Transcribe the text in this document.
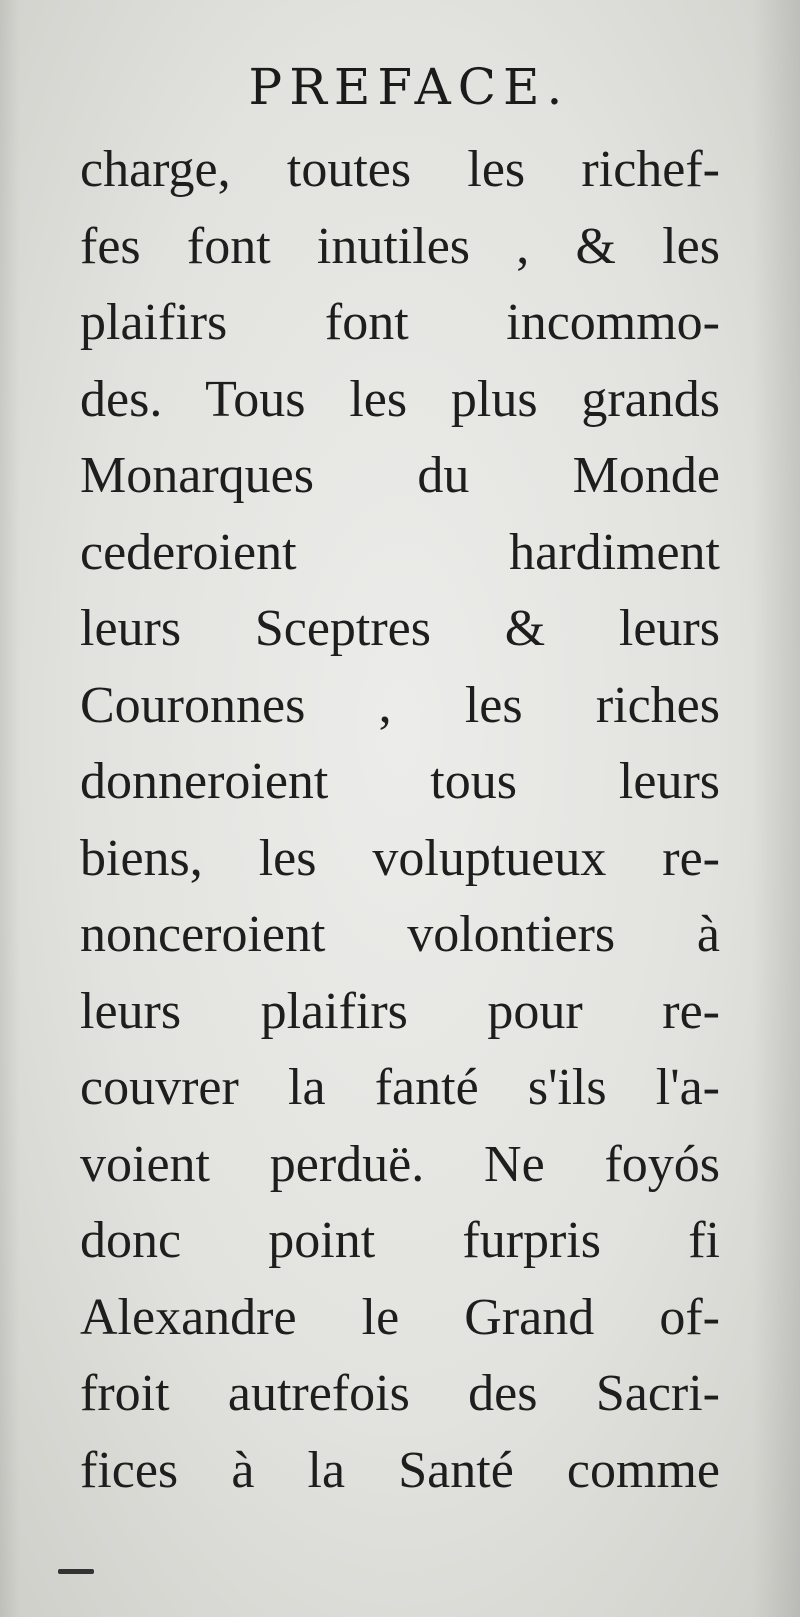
PREFACE.
charge, toutes les richef-
fes font inutiles , & les
plaifirs font incommo-
des. Tous les plus grands
Monarques du Monde
cederoient hardiment
leurs Sceptres & leurs
Couronnes , les riches
donneroient tous leurs
biens, les voluptueux re-
nonceroient volontiers à
leurs plaifirs pour re-
couvrer la fanté s'ils l'a-
voient perduë. Ne foyós
donc point furpris fi
Alexandre le Grand of-
froit autrefois des Sacri-
fices à la Santé comme
